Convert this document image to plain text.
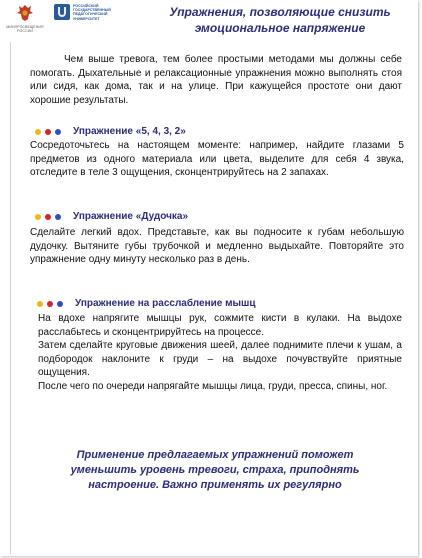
МИНПРОСВЕЩЕНИЯ РОССИИ
РОССИЙСКИЙ ГОСУДАРСТВЕННЫЙ ПЕДАГОГИЧЕСКИЙ УНИВЕРСИТЕТ	Упражнения, позволяющие снизить
эмоциональное напряжение
Чем выше тревога, тем более простыми методами мы должны себе помогать. Дыхательные и релаксационные упражнения можно выполнять стоя или сидя, как дома, так и на улице. При кажущейся простоте они дают хорошие результаты.
Упражнение «5, 4, 3, 2»
Сосредоточьтесь на настоящем моменте: например, найдите глазами 5 предметов из одного материала или цвета, выделите для себя 4 звука, отследите в теле 3 ощущения, сконцентрируйтесь на 2 запахах.
Упражнение «Дудочка»
Сделайте легкий вдох. Представьте, как вы подносите к губам небольшую дудочку. Вытяните губы трубочкой и медленно выдыхайте. Повторяйте это упражнение одну минуту несколько раз в день.
Упражнение на расслабление мышц
На вдохе напрягите мышцы рук, сожмите кисти в кулаки. На выдохе расслабьтесь и сконцентрируйтесь на процессе.
Затем сделайте круговые движения шеей, далее поднимите плечи к ушам, а подбородок наклоните к груди – на выдохе почувствуйте приятные ощущения.
После чего по очереди напрягайте мышцы лица, груди, пресса, спины, ног.
Применение предлагаемых упражнений поможет
уменьшить уровень тревоги, страха, приподнять
настроение. Важно применять их регулярно
